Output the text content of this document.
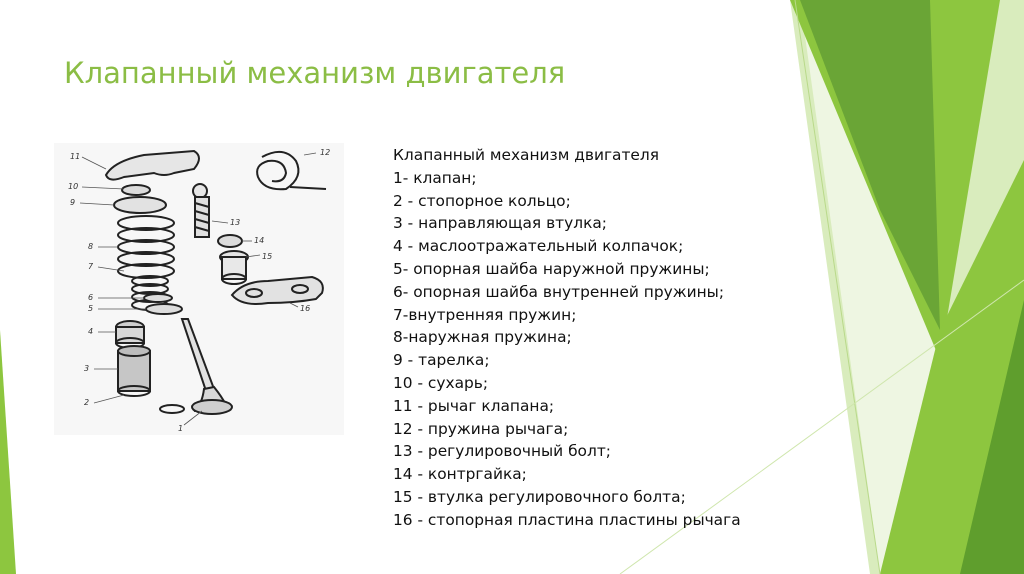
Клапанный механизм двигателя
11	12
10
9
13
14
15
8
7
6
5	16
4
3
2
1
Клапанный механизм двигателя
1- клапан;
2 - стопорное кольцо;
3 - направляющая втулка;
4 - маслоотражательный колпачок;
5- опорная шайба наружной пружины;
6- опорная шайба внутренней пружины;
7-внутренняя пружин;
8-наружная пружина;
9 - тарелка;
10 - сухарь;
11 - рычаг клапана;
12 - пружина рычага;
13 - регулировочный болт;
14 - контргайка;
15 - втулка регулировочного болта;
16 - стопорная пластина пластины рычага
